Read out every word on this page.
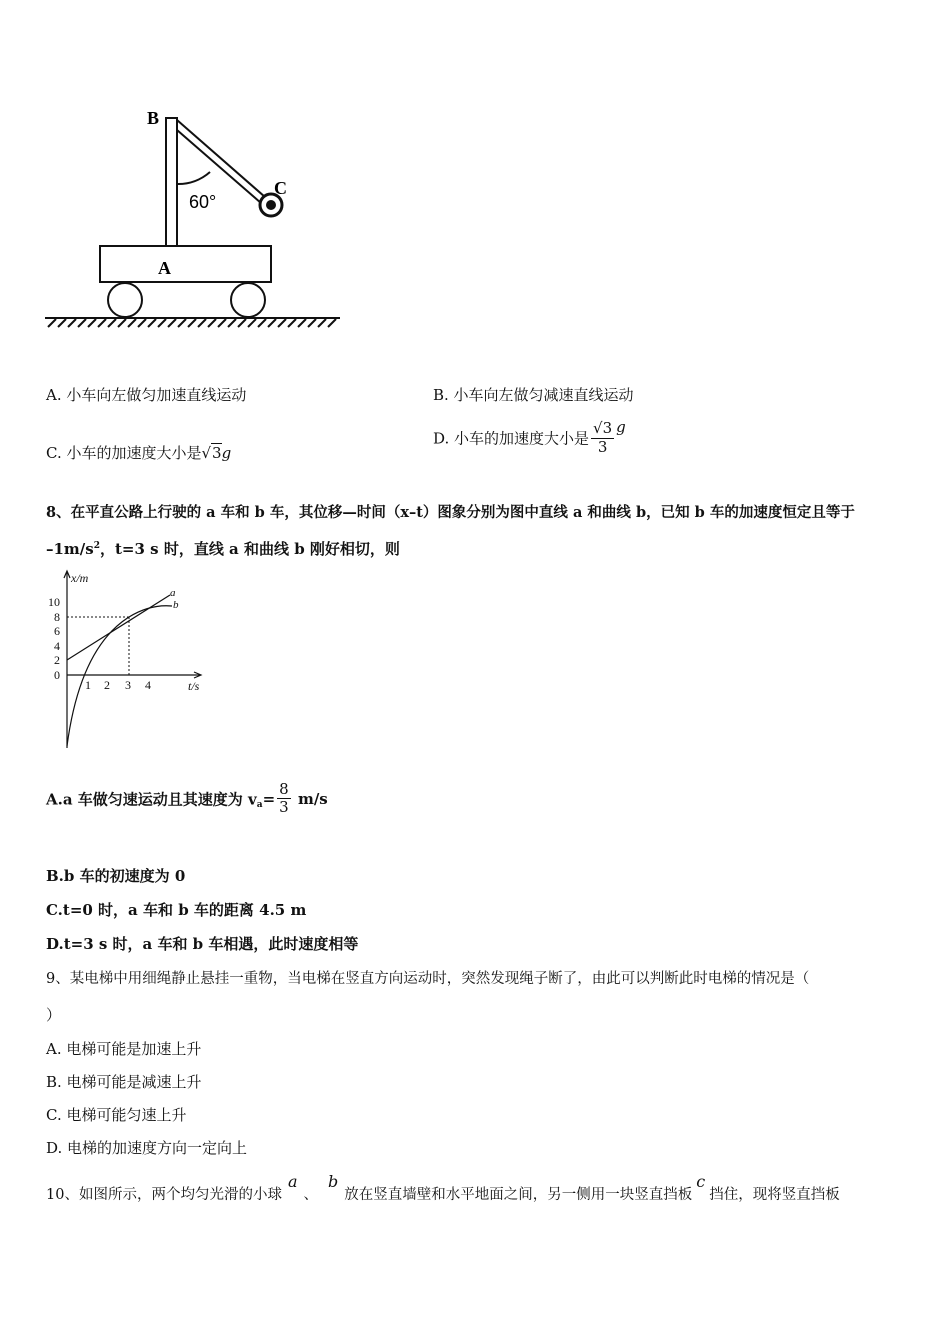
B
C
A
60°
A. 小车向左做匀加速直线运动	B. 小车向左做匀减速直线运动
C. 小车的加速度大小是√3g
D. 小车的加速度大小是 $\frac{√3}{3}$ g
8、在平直公路上行驶的 a 车和 b 车，其位移—时间（x–t）图象分别为图中直线 a 和曲线 b，已知 b 车的加速度恒定且等于
$-1m/s^2$，t=3 s 时，直线 a 和曲线 b 刚好相切，则
x/m
t/s
10
8
6
4
2
0
1 2 3 4
a
b
A.a 车做匀速运动且其速度为 $v_a= \frac{8}{3} m/s$
B.b 车的初速度为 0
C.t=0 时，a 车和 b 车的距离 4.5 m
D.t=3 s 时，a 车和 b 车相遇，此时速度相等
9、某电梯中用细绳静止悬挂一重物，当电梯在竖直方向运动时，突然发现绳子断了，由此可以判断此时电梯的情况是（
）
A. 电梯可能是加速上升
B. 电梯可能是减速上升
C. 电梯可能匀速上升
D. 电梯的加速度方向一定向上
10、如图所示，两个均匀光滑的小球a、b放在竖直墙壁和水平地面之间，另一侧用一块竖直挡板c挡住，现将竖直挡板
